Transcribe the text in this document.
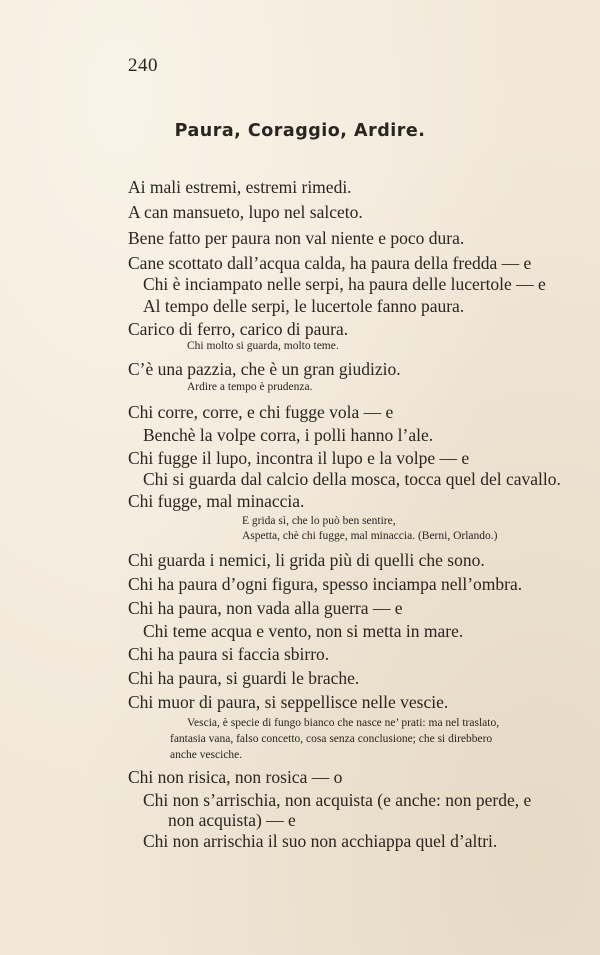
240
Paura, Coraggio, Ardire.
Ai mali estremi, estremi rimedi.
A can mansueto, lupo nel salceto.
Bene fatto per paura non val niente e poco dura.
Cane scottato dall’acqua calda, ha paura della fredda — e
Chi è inciampato nelle serpi, ha paura delle lucertole — e
Al tempo delle serpi, le lucertole fanno paura.
Carico di ferro, carico di paura.
Chi molto si guarda, molto teme.
C’è una pazzia, che è un gran giudizio.
Ardire a tempo è prudenza.
Chi corre, corre, e chi fugge vola — e
Benchè la volpe corra, i polli hanno l’ale.
Chi fugge il lupo, incontra il lupo e la volpe — e
Chi si guarda dal calcio della mosca, tocca quel del cavallo.
Chi fugge, mal minaccia.
E grida sì, che lo può ben sentire,
Aspetta, chè chi fugge, mal minaccia. (Berni, Orlando.)
Chi guarda i nemici, li grida più di quelli che sono.
Chi ha paura d’ogni figura, spesso inciampa nell’ombra.
Chi ha paura, non vada alla guerra — e
Chi teme acqua e vento, non si metta in mare.
Chi ha paura si faccia sbirro.
Chi ha paura, si guardi le brache.
Chi muor di paura, si seppellisce nelle vescie.
Vescia, è specie di fungo bianco che nasce ne’ prati: ma nel traslato,
fantasia vana, falso concetto, cosa senza conclusione; che si direbbero
anche vesciche.
Chi non risica, non rosica — o
Chi non s’arrischia, non acquista (e anche: non perde, e
non acquista) — e
Chi non arrischia il suo non acchiappa quel d’altri.
